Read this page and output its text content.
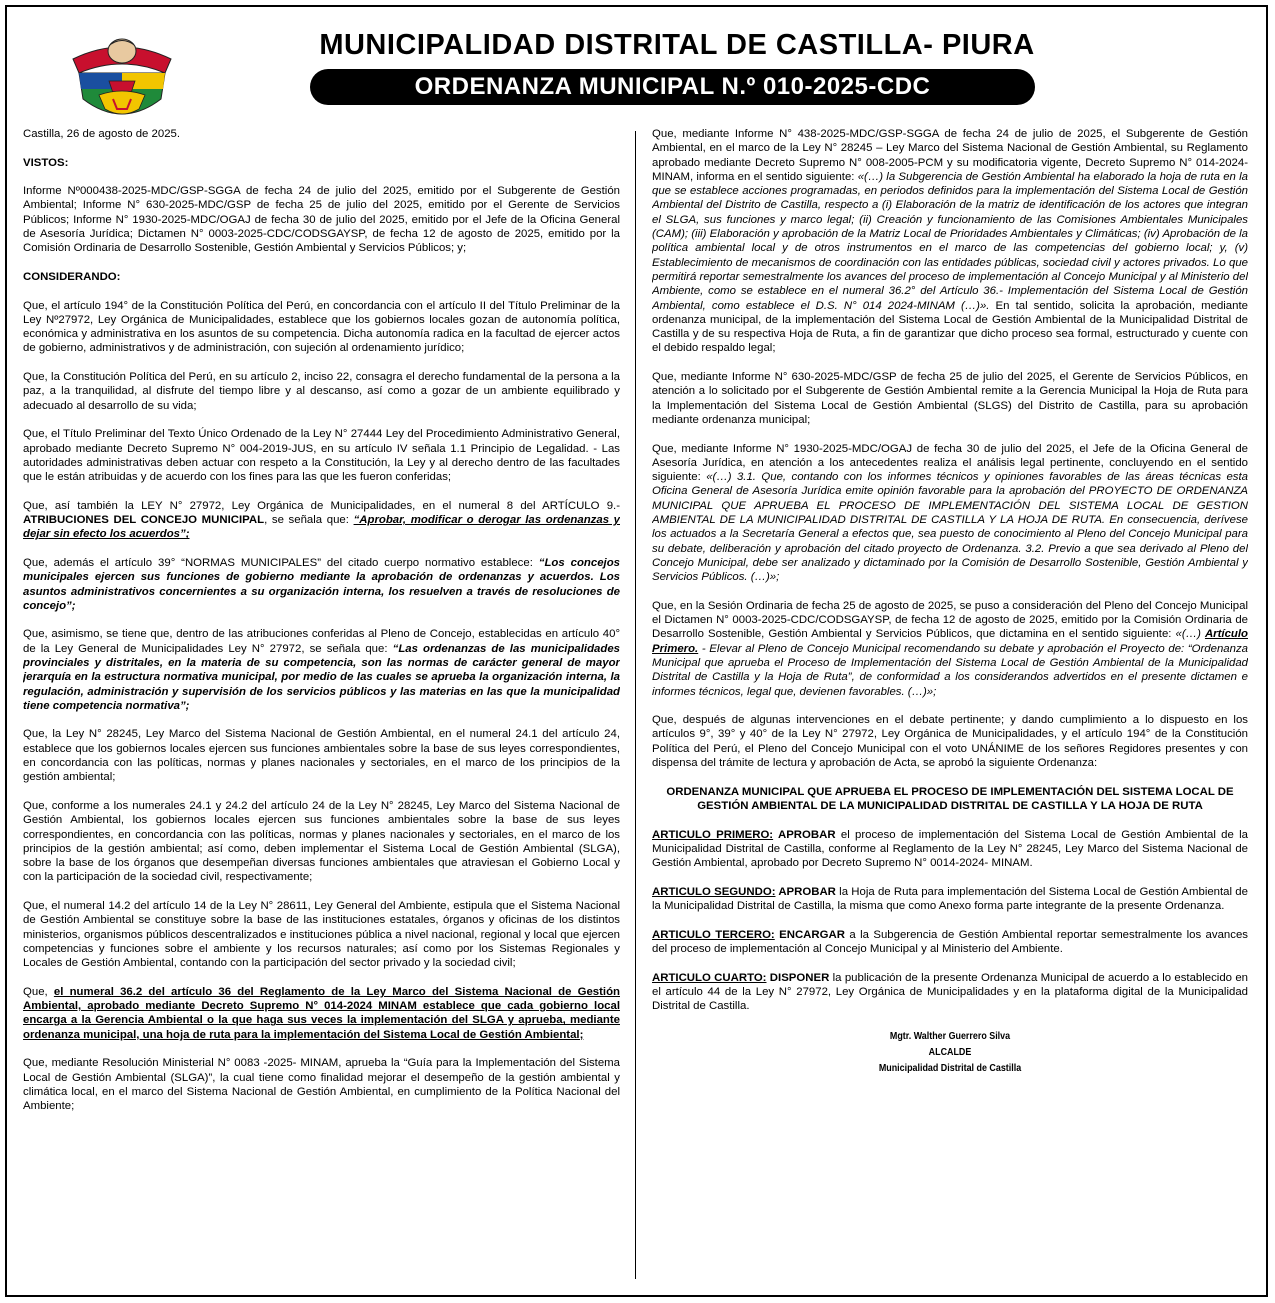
MUNICIPALIDAD DISTRITAL DE CASTILLA- PIURA
ORDENANZA MUNICIPAL N.º 010-2025-CDC

Castilla, 26 de agosto de 2025.

VISTOS:

Informe Nº000438-2025-MDC/GSP-SGGA de fecha 24 de julio del 2025, emitido por el Subgerente de Gestión Ambiental; Informe N° 630-2025-MDC/GSP de fecha 25 de julio del 2025, emitido por el Gerente de Servicios Públicos; Informe N° 1930-2025-MDC/OGAJ de fecha 30 de julio del 2025, emitido por el Jefe de la Oficina General de Asesoría Jurídica; Dictamen N° 0003-2025-CDC/CODSGAYSP, de fecha 12 de agosto de 2025, emitido por la Comisión Ordinaria de Desarrollo Sostenible, Gestión Ambiental y Servicios Públicos; y;

CONSIDERANDO:

Que, el artículo 194° de la Constitución Política del Perú, en concordancia con el artículo II del Título Preliminar de la Ley Nº27972, Ley Orgánica de Municipalidades, establece que los gobiernos locales gozan de autonomía política, económica y administrativa en los asuntos de su competencia. Dicha autonomía radica en la facultad de ejercer actos de gobierno, administrativos y de administración, con sujeción al ordenamiento jurídico;

Que, la Constitución Política del Perú, en su artículo 2, inciso 22, consagra el derecho fundamental de la persona a la paz, a la tranquilidad, al disfrute del tiempo libre y al descanso, así como a gozar de un ambiente equilibrado y adecuado al desarrollo de su vida;

Que, el Título Preliminar del Texto Único Ordenado de la Ley N° 27444 Ley del Procedimiento Administrativo General, aprobado mediante Decreto Supremo N° 004-2019-JUS, en su artículo IV señala 1.1 Principio de Legalidad. - Las autoridades administrativas deben actuar con respeto a la Constitución, la Ley y al derecho dentro de las facultades que le están atribuidas y de acuerdo con los fines para las que les fueron conferidas;

Que, así también la LEY N° 27972, Ley Orgánica de Municipalidades, en el numeral 8 del ARTÍCULO 9.- ATRIBUCIONES DEL CONCEJO MUNICIPAL, se señala que: “Aprobar, modificar o derogar las ordenanzas y dejar sin efecto los acuerdos”;

Que, además el artículo 39° “NORMAS MUNICIPALES” del citado cuerpo normativo establece: “Los concejos municipales ejercen sus funciones de gobierno mediante la aprobación de ordenanzas y acuerdos. Los asuntos administrativos concernientes a su organización interna, los resuelven a través de resoluciones de concejo”;

Que, asimismo, se tiene que, dentro de las atribuciones conferidas al Pleno de Concejo, establecidas en artículo 40° de la Ley General de Municipalidades Ley N° 27972, se señala que: “Las ordenanzas de las municipalidades provinciales y distritales, en la materia de su competencia, son las normas de carácter general de mayor jerarquía en la estructura normativa municipal, por medio de las cuales se aprueba la organización interna, la regulación, administración y supervisión de los servicios públicos y las materias en las que la municipalidad tiene competencia normativa”;

Que, la Ley N° 28245, Ley Marco del Sistema Nacional de Gestión Ambiental, en el numeral 24.1 del artículo 24, establece que los gobiernos locales ejercen sus funciones ambientales sobre la base de sus leyes correspondientes, en concordancia con las políticas, normas y planes nacionales y sectoriales, en el marco de los principios de la gestión ambiental;

Que, conforme a los numerales 24.1 y 24.2 del artículo 24 de la Ley N° 28245, Ley Marco del Sistema Nacional de Gestión Ambiental, los gobiernos locales ejercen sus funciones ambientales sobre la base de sus leyes correspondientes, en concordancia con las políticas, normas y planes nacionales y sectoriales, en el marco de los principios de la gestión ambiental; así como, deben implementar el Sistema Local de Gestión Ambiental (SLGA), sobre la base de los órganos que desempeñan diversas funciones ambientales que atraviesan el Gobierno Local y con la participación de la sociedad civil, respectivamente;

Que, el numeral 14.2 del artículo 14 de la Ley N° 28611, Ley General del Ambiente, estipula que el Sistema Nacional de Gestión Ambiental se constituye sobre la base de las instituciones estatales, órganos y oficinas de los distintos ministerios, organismos públicos descentralizados e instituciones pública a nivel nacional, regional y local que ejercen competencias y funciones sobre el ambiente y los recursos naturales; así como por los Sistemas Regionales y Locales de Gestión Ambiental, contando con la participación del sector privado y la sociedad civil;

Que, el numeral 36.2 del artículo 36 del Reglamento de la Ley Marco del Sistema Nacional de Gestión Ambiental, aprobado mediante Decreto Supremo N° 014-2024 MINAM establece que cada gobierno local encarga a la Gerencia Ambiental o la que haga sus veces la implementación del SLGA y aprueba, mediante ordenanza municipal, una hoja de ruta para la implementación del Sistema Local de Gestión Ambiental;

Que, mediante Resolución Ministerial N° 0083 -2025- MINAM, aprueba la “Guía para la Implementación del Sistema Local de Gestión Ambiental (SLGA)”, la cual tiene como finalidad mejorar el desempeño de la gestión ambiental y climática local, en el marco del Sistema Nacional de Gestión Ambiental, en cumplimiento de la Política Nacional del Ambiente;

Que, mediante Informe N° 438-2025-MDC/GSP-SGGA de fecha 24 de julio de 2025, el Subgerente de Gestión Ambiental, en el marco de la Ley N° 28245 – Ley Marco del Sistema Nacional de Gestión Ambiental, su Reglamento aprobado mediante Decreto Supremo N° 008-2005-PCM y su modificatoria vigente, Decreto Supremo N° 014-2024-MINAM, informa en el sentido siguiente: «(…) la Subgerencia de Gestión Ambiental ha elaborado la hoja de ruta en la que se establece acciones programadas, en periodos definidos para la implementación del Sistema Local de Gestión Ambiental del Distrito de Castilla, respecto a (i) Elaboración de la matriz de identificación de los actores que integran el SLGA, sus funciones y marco legal; (ii) Creación y funcionamiento de las Comisiones Ambientales Municipales (CAM); (iii) Elaboración y aprobación de la Matriz Local de Prioridades Ambientales y Climáticas; (iv) Aprobación de la política ambiental local y de otros instrumentos en el marco de las competencias del gobierno local; y, (v) Establecimiento de mecanismos de coordinación con las entidades públicas, sociedad civil y actores privados. Lo que permitirá reportar semestralmente los avances del proceso de implementación al Concejo Municipal y al Ministerio del Ambiente, como se establece en el numeral 36.2° del Artículo 36.- Implementación del Sistema Local de Gestión Ambiental, como establece el D.S. N° 014 2024-MINAM (…)». En tal sentido, solicita la aprobación, mediante ordenanza municipal, de la implementación del Sistema Local de Gestión Ambiental de la Municipalidad Distrital de Castilla y de su respectiva Hoja de Ruta, a fin de garantizar que dicho proceso sea formal, estructurado y cuente con el debido respaldo legal;

Que, mediante Informe N° 630-2025-MDC/GSP de fecha 25 de julio del 2025, el Gerente de Servicios Públicos, en atención a lo solicitado por el Subgerente de Gestión Ambiental remite a la Gerencia Municipal la Hoja de Ruta para la Implementación del Sistema Local de Gestión Ambiental (SLGS) del Distrito de Castilla, para su aprobación mediante ordenanza municipal;

Que, mediante Informe N° 1930-2025-MDC/OGAJ de fecha 30 de julio del 2025, el Jefe de la Oficina General de Asesoría Jurídica, en atención a los antecedentes realiza el análisis legal pertinente, concluyendo en el sentido siguiente: «(…) 3.1. Que, contando con los informes técnicos y opiniones favorables de las áreas técnicas esta Oficina General de Asesoría Jurídica emite opinión favorable para la aprobación del PROYECTO DE ORDENANZA MUNICIPAL QUE APRUEBA EL PROCESO DE IMPLEMENTACIÓN DEL SISTEMA LOCAL DE GESTION AMBIENTAL DE LA MUNICIPALIDAD DISTRITAL DE CASTILLA Y LA HOJA DE RUTA. En consecuencia, derívese los actuados a la Secretaría General a efectos que, sea puesto de conocimiento al Pleno del Concejo Municipal para su debate, deliberación y aprobación del citado proyecto de Ordenanza. 3.2. Previo a que sea derivado al Pleno del Concejo Municipal, debe ser analizado y dictaminado por la Comisión de Desarrollo Sostenible, Gestión Ambiental y Servicios Públicos. (…)»;

Que, en la Sesión Ordinaria de fecha 25 de agosto de 2025, se puso a consideración del Pleno del Concejo Municipal el Dictamen N° 0003-2025-CDC/CODSGAYSP, de fecha 12 de agosto de 2025, emitido por la Comisión Ordinaria de Desarrollo Sostenible, Gestión Ambiental y Servicios Públicos, que dictamina en el sentido siguiente: «(…) Artículo Primero. - Elevar al Pleno de Concejo Municipal recomendando su debate y aprobación el Proyecto de: “Ordenanza Municipal que aprueba el Proceso de Implementación del Sistema Local de Gestión Ambiental de la Municipalidad Distrital de Castilla y la Hoja de Ruta”, de conformidad a los considerandos advertidos en el presente dictamen e informes técnicos, legal que, devienen favorables. (…)»;

Que, después de algunas intervenciones en el debate pertinente; y dando cumplimiento a lo dispuesto en los artículos 9°, 39° y 40° de la Ley N° 27972, Ley Orgánica de Municipalidades, y el artículo 194° de la Constitución Política del Perú, el Pleno del Concejo Municipal con el voto UNÁNIME de los señores Regidores presentes y con dispensa del trámite de lectura y aprobación de Acta, se aprobó la siguiente Ordenanza:

ORDENANZA MUNICIPAL QUE APRUEBA EL PROCESO DE IMPLEMENTACIÓN DEL SISTEMA LOCAL DE GESTIÓN AMBIENTAL DE LA MUNICIPALIDAD DISTRITAL DE CASTILLA Y LA HOJA DE RUTA

ARTICULO PRIMERO: APROBAR el proceso de implementación del Sistema Local de Gestión Ambiental de la Municipalidad Distrital de Castilla, conforme al Reglamento de la Ley N° 28245, Ley Marco del Sistema Nacional de Gestión Ambiental, aprobado por Decreto Supremo N° 0014-2024- MINAM.

ARTICULO SEGUNDO: APROBAR la Hoja de Ruta para implementación del Sistema Local de Gestión Ambiental de la Municipalidad Distrital de Castilla, la misma que como Anexo forma parte integrante de la presente Ordenanza.

ARTICULO TERCERO: ENCARGAR a la Subgerencia de Gestión Ambiental reportar semestralmente los avances del proceso de implementación al Concejo Municipal y al Ministerio del Ambiente.

ARTICULO CUARTO: DISPONER la publicación de la presente Ordenanza Municipal de acuerdo a lo establecido en el artículo 44 de la Ley N° 27972, Ley Orgánica de Municipalidades y en la plataforma digital de la Municipalidad Distrital de Castilla.

Mgtr. Walther Guerrero Silva
ALCALDE
Municipalidad Distrital de Castilla
